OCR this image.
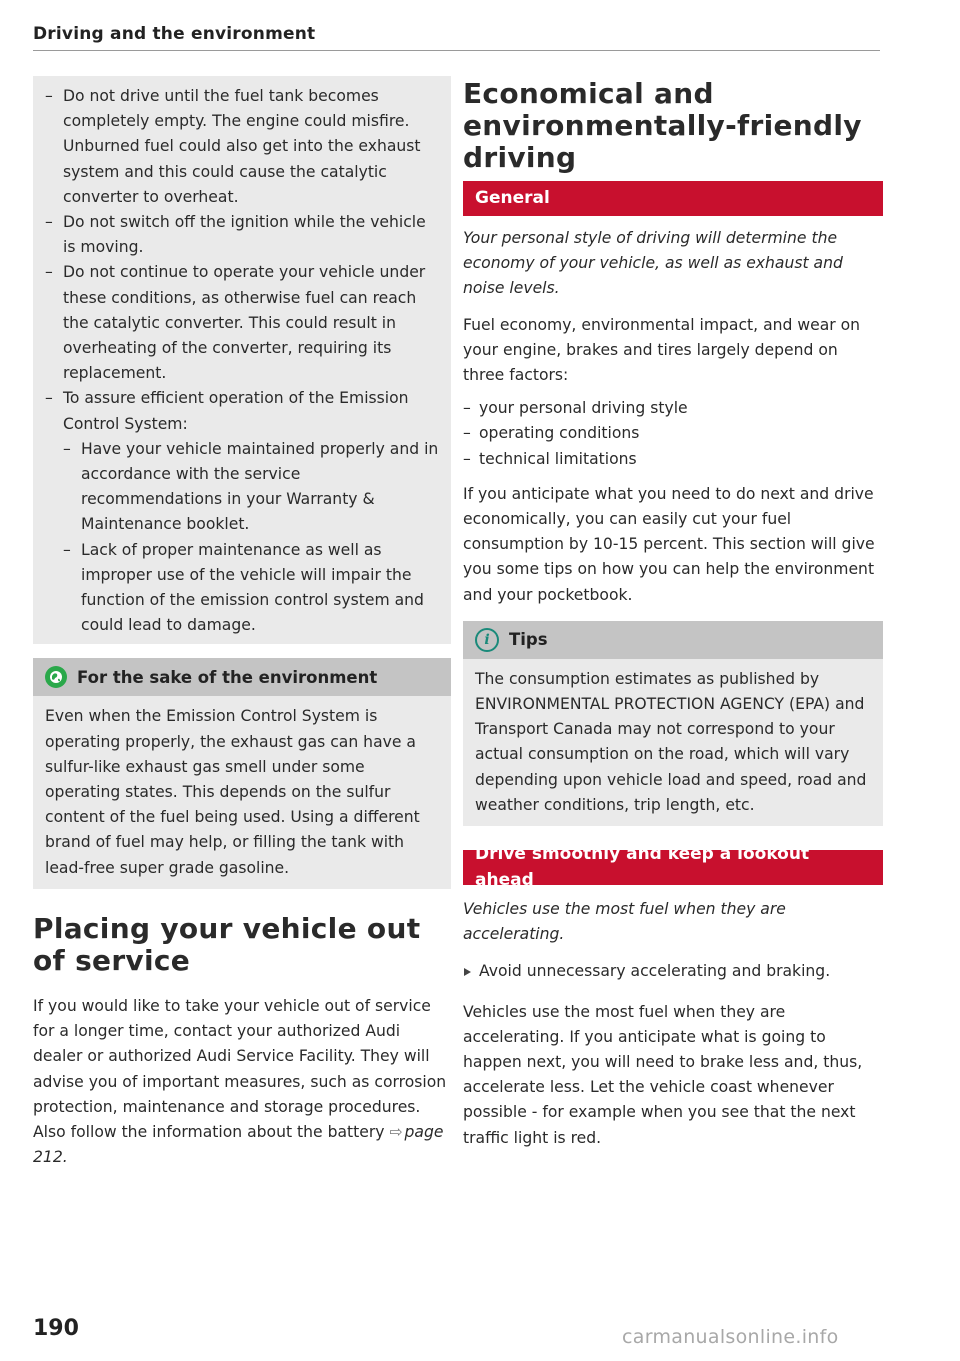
Driving and the environment
– Do not drive until the fuel tank becomes completely empty. The engine could misfire. Unburned fuel could also get into the exhaust system and this could cause the catalytic converter to overheat.
– Do not switch off the ignition while the vehicle is moving.
– Do not continue to operate your vehicle under these conditions, as otherwise fuel can reach the catalytic converter. This could result in overheating of the converter, requiring its replacement.
– To assure efficient operation of the Emission Control System:
– Have your vehicle maintained properly and in accordance with the service recommendations in your Warranty & Maintenance booklet.
– Lack of proper maintenance as well as improper use of the vehicle will impair the function of the emission control system and could lead to damage.
For the sake of the environment
Even when the Emission Control System is operating properly, the exhaust gas can have a sulfur-like exhaust gas smell under some operating states. This depends on the sulfur content of the fuel being used. Using a different brand of fuel may help, or filling the tank with lead-free super grade gasoline.
Placing your vehicle out of service

If you would like to take your vehicle out of service for a longer time, contact your authorized Audi dealer or authorized Audi Service Facility. They will advise you of important measures, such as corrosion protection, maintenance and storage procedures. Also follow the information about the battery ⇨ page 212.

Economical and environmentally-friendly driving
General

Your personal style of driving will determine the economy of your vehicle, as well as exhaust and noise levels.

Fuel economy, environmental impact, and wear on your engine, brakes and tires largely depend on three factors:

– your personal driving style
– operating conditions
– technical limitations

If you anticipate what you need to do next and drive economically, you can easily cut your fuel consumption by 10-15 percent. This section will give you some tips on how you can help the environment and your pocketbook.

i	Tips
The consumption estimates as published by ENVIRONMENTAL PROTECTION AGENCY (EPA) and Transport Canada may not correspond to your actual consumption on the road, which will vary depending upon vehicle load and speed, road and weather conditions, trip length, etc.
Drive smoothly and keep a lookout ahead

Vehicles use the most fuel when they are accelerating.

Avoid unnecessary accelerating and braking.

Vehicles use the most fuel when they are accelerating. If you anticipate what is going to happen next, you will need to brake less and, thus, accelerate less. Let the vehicle coast whenever possible - for example when you see that the next traffic light is red.

190	carmanualsonline.info
